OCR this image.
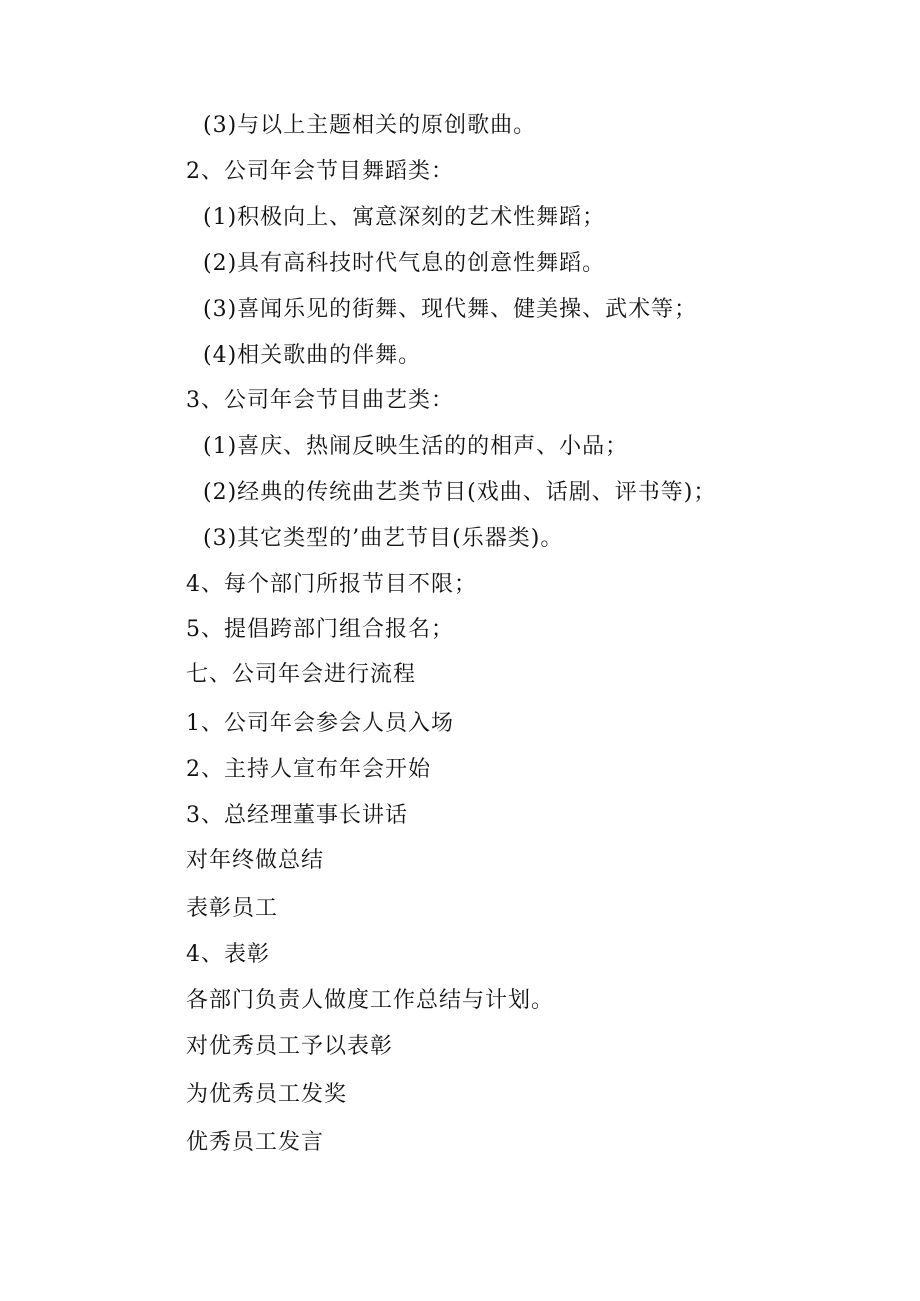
(3)与以上主题相关的原创歌曲。
2、公司年会节目舞蹈类：
(1)积极向上、寓意深刻的艺术性舞蹈；
(2)具有高科技时代气息的创意性舞蹈。
(3)喜闻乐见的街舞、现代舞、健美操、武术等；
(4)相关歌曲的伴舞。
3、公司年会节目曲艺类：
(1)喜庆、热闹反映生活的的相声、小品；
(2)经典的传统曲艺类节目(戏曲、话剧、评书等)；
(3)其它类型的’曲艺节目(乐器类)。
4、每个部门所报节目不限；
5、提倡跨部门组合报名；
七、公司年会进行流程
1、公司年会参会人员入场
2、主持人宣布年会开始
3、总经理董事长讲话
对年终做总结
表彰员工
4、表彰
各部门负责人做度工作总结与计划。
对优秀员工予以表彰
为优秀员工发奖
优秀员工发言
